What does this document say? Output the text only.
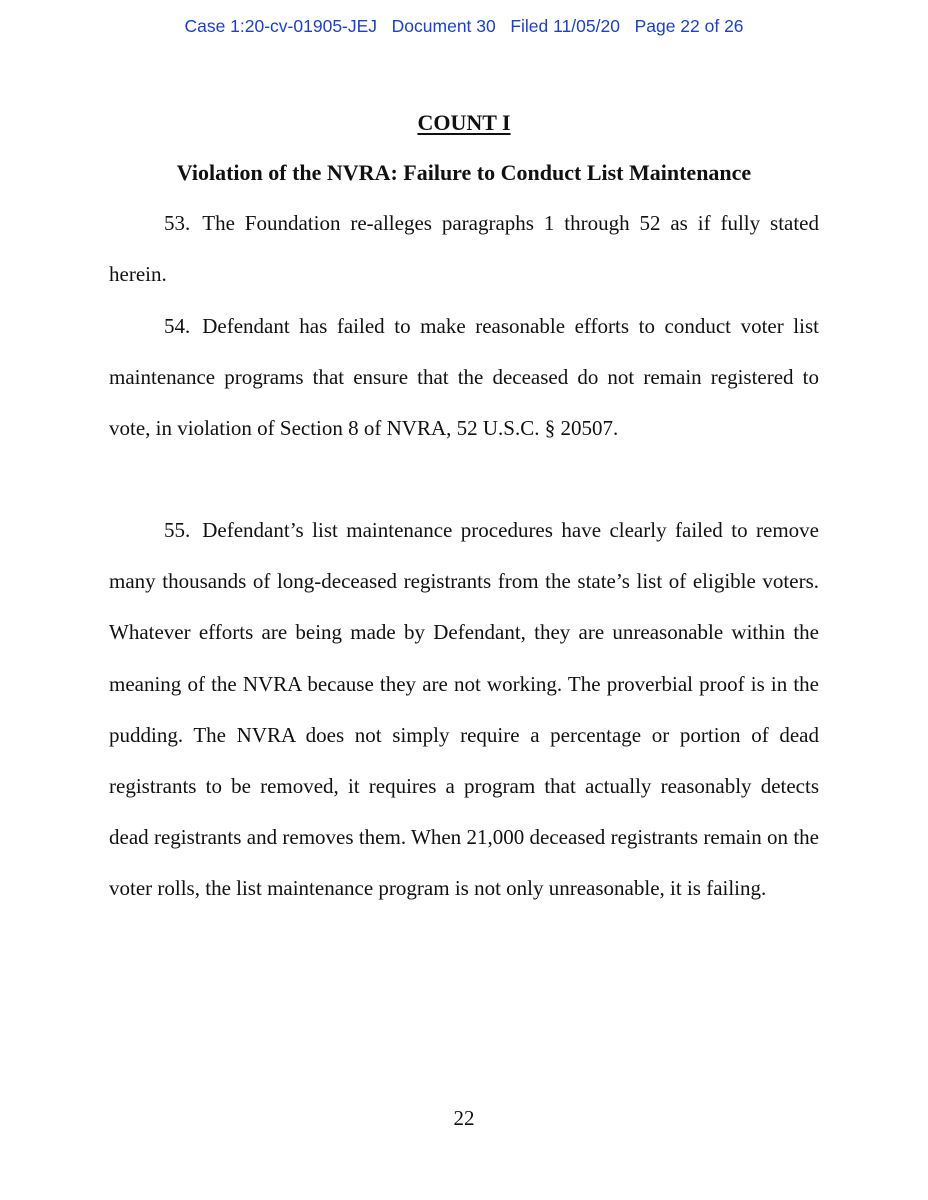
Case 1:20-cv-01905-JEJ Document 30 Filed 11/05/20 Page 22 of 26
COUNT I
Violation of the NVRA: Failure to Conduct List Maintenance

53. The Foundation re-alleges paragraphs 1 through 52 as if fully stated herein.

54. Defendant has failed to make reasonable efforts to conduct voter list maintenance programs that ensure that the deceased do not remain registered to vote, in violation of Section 8 of NVRA, 52 U.S.C. § 20507.

55. Defendant’s list maintenance procedures have clearly failed to remove many thousands of long-deceased registrants from the state’s list of eligible voters. Whatever efforts are being made by Defendant, they are unreasonable within the meaning of the NVRA because they are not working. The proverbial proof is in the pudding. The NVRA does not simply require a percentage or portion of dead registrants to be removed, it requires a program that actually reasonably detects dead registrants and removes them. When 21,000 deceased registrants remain on the voter rolls, the list maintenance program is not only unreasonable, it is failing.

22
